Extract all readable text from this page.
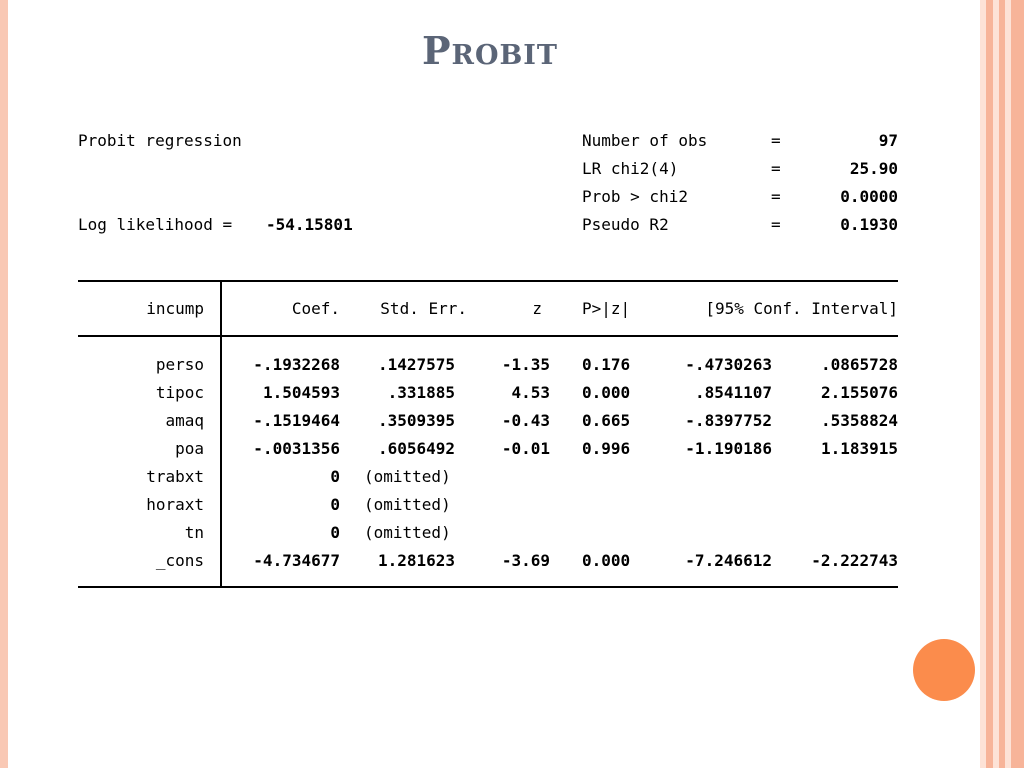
Probit
Probit regression
Log likelihood = -54.15801
Number of obs	=	97
LR chi2(4)	=	25.90
Prob > chi2	=	0.0000
Pseudo R2	=	0.1930
incump	Coef.	Std. Err.	z	P>|z|	[95% Conf. Interval]
perso	-.1932268	.1427575	-1.35 0.176	-.4730263	.0865728
tipoc	1.504593	.331885	4.53 0.000	.8541107	2.155076
amaq	-.1519464	.3509395	-0.43 0.665	-.8397752	.5358824
poa	-.0031356	.6056492	-0.01 0.996	-1.190186	1.183915
trabxt	0 (omitted)
horaxt	0 (omitted)
tn	0 (omitted)
_cons	-4.734677	1.281623	-3.69 0.000	-7.246612	-2.222743
